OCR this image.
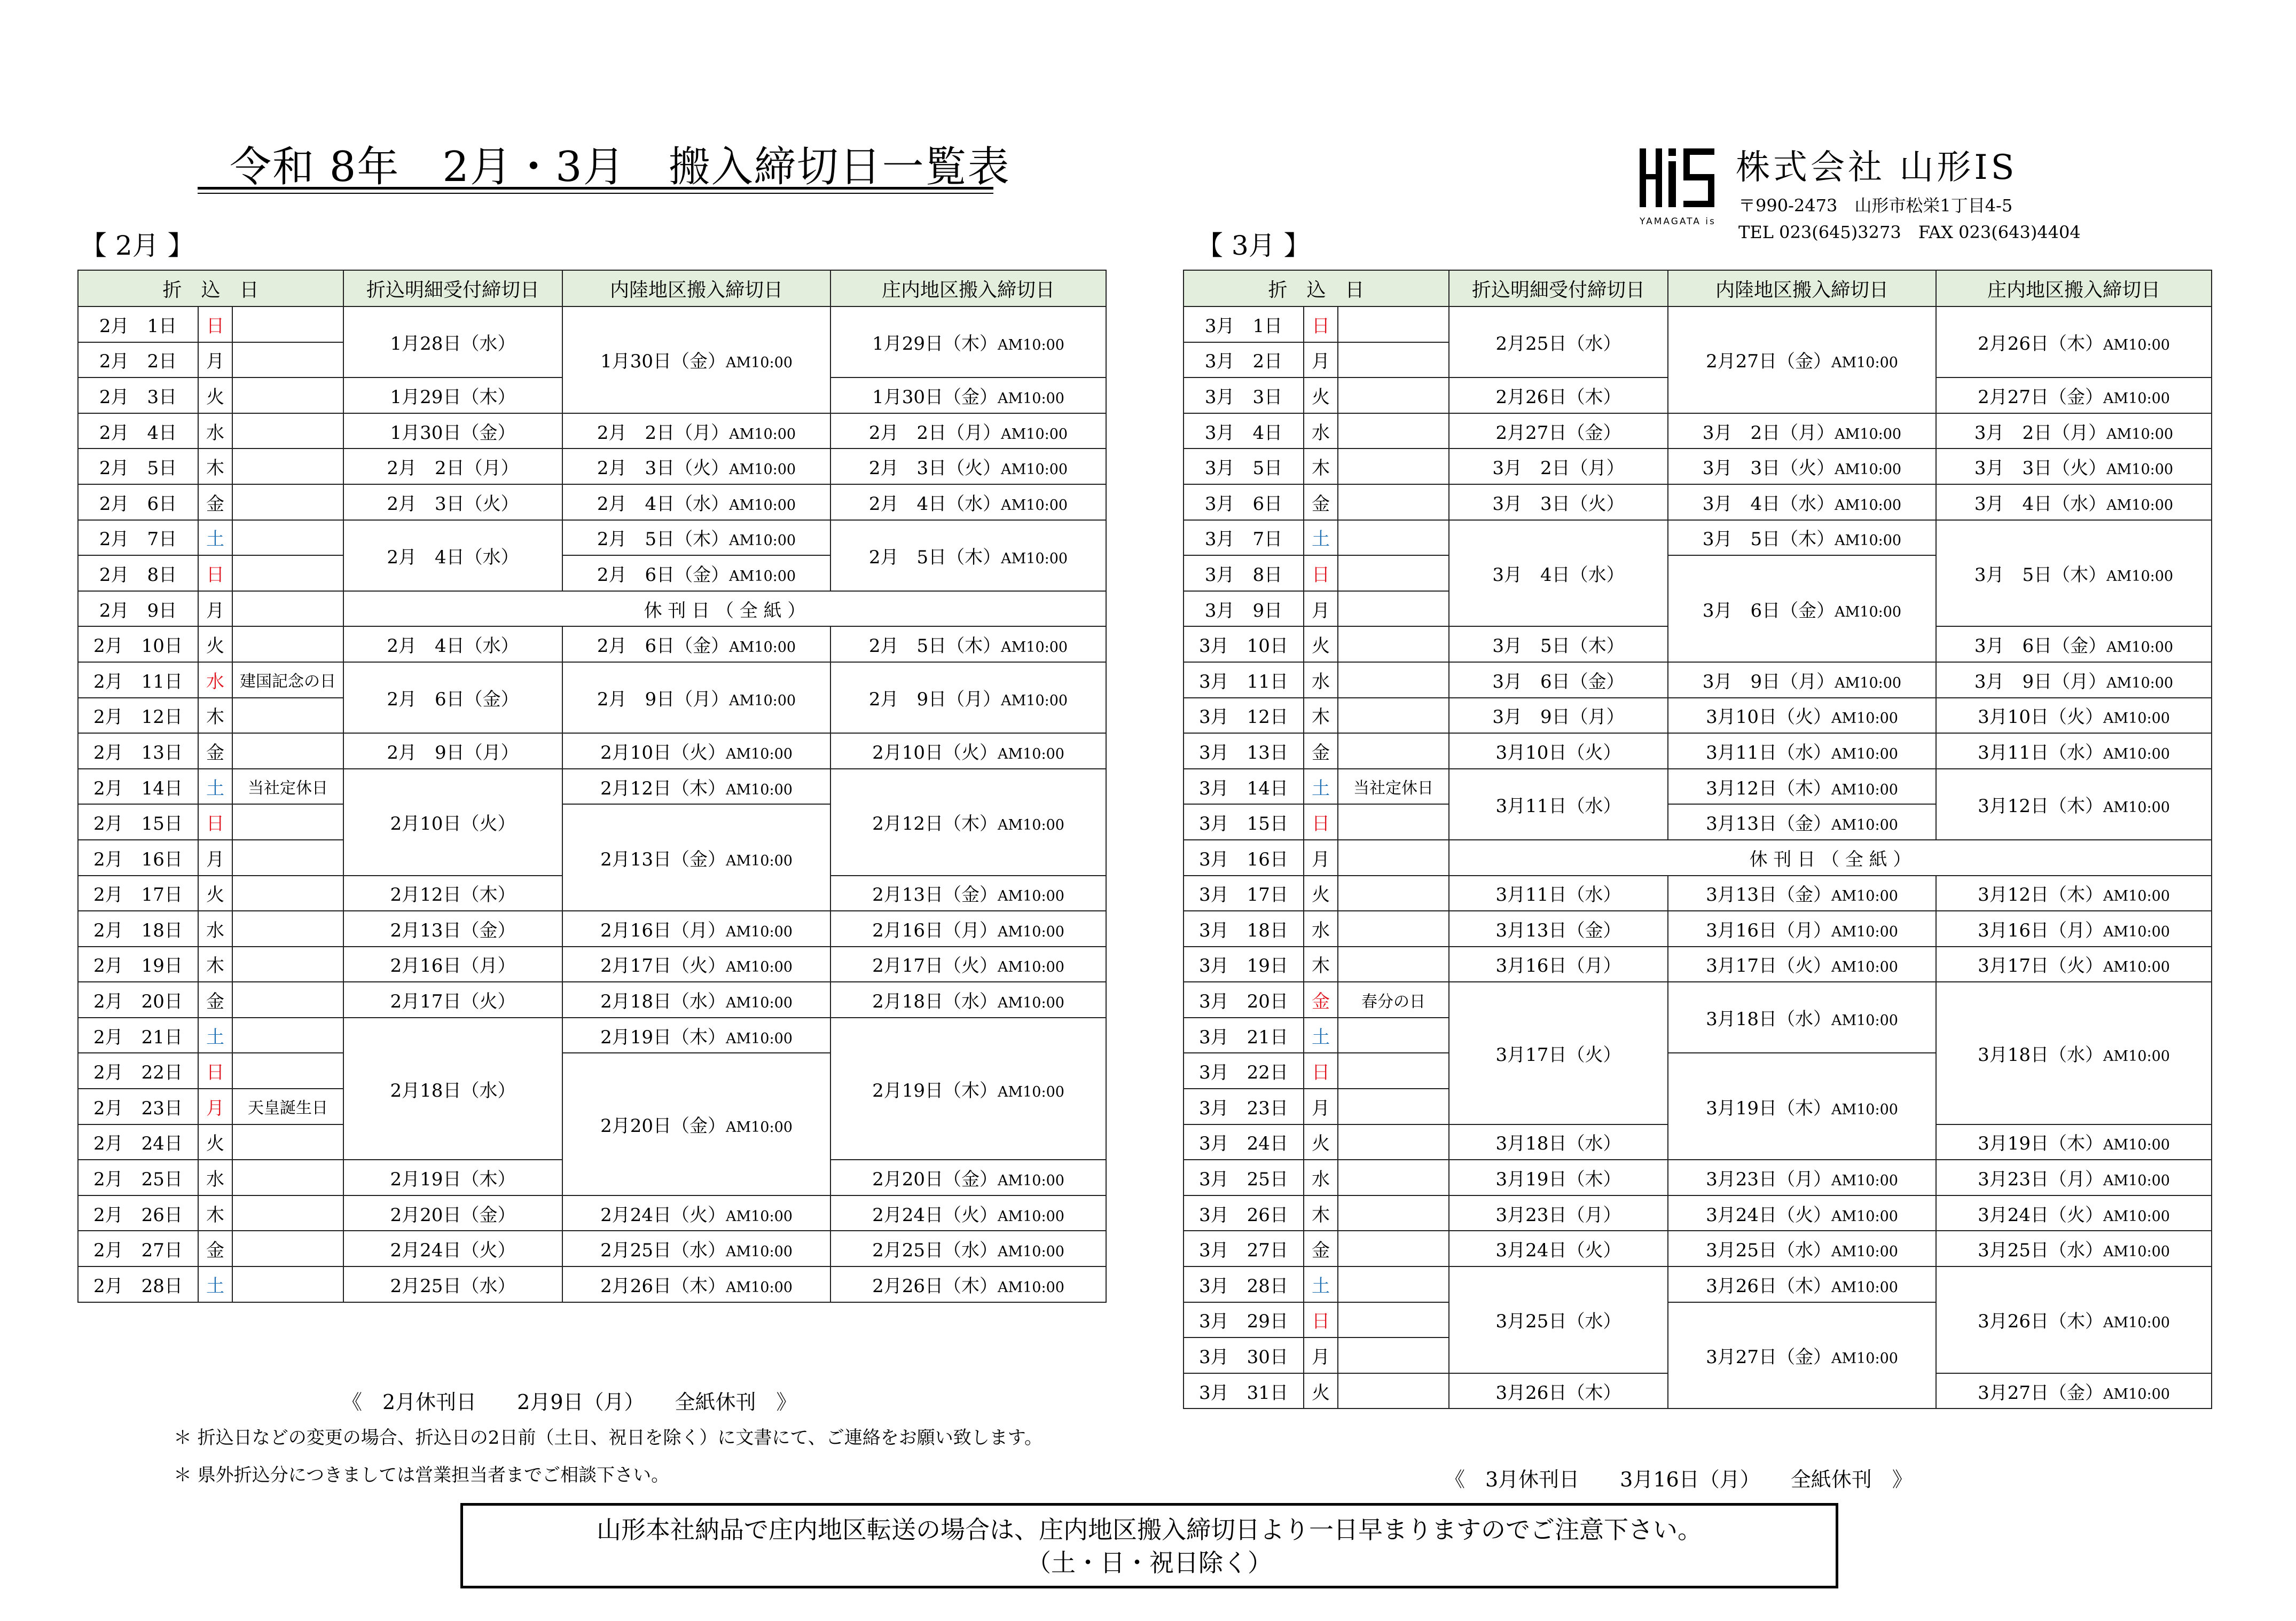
令和 8年　2月・3月　搬入締切日一覧表
YAMAGATA is
株式会社 山形IS
〒990-2473　山形市松栄1丁目4-5
TEL 023(645)3273　FAX 023(643)4404
【 2月 】	【 3月 】
折　込　日			折込明細受付締切日	内陸地区搬入締切日	庄内地区搬入締切日
2月　1日	日		1月28日（水）	1月30日（金）AM10:00	1月29日（木）AM10:00
2月　2日	月				
2月　3日	火		1月29日（木）		1月30日（金）AM10:00
2月　4日	水		1月30日（金）	2月　2日（月）AM10:00	2月　2日（月）AM10:00
2月　5日	木		2月　2日（月）	2月　3日（火）AM10:00	2月　3日（火）AM10:00
2月　6日	金		2月　3日（火）	2月　4日（水）AM10:00	2月　4日（水）AM10:00
2月　7日	土		2月　4日（水）	2月　5日（木）AM10:00	2月　5日（木）AM10:00
2月　8日	日			2月　6日（金）AM10:00	
2月　9日	月		休 刊 日 （ 全 紙 ）		
2月　10日	火		2月　4日（水）	2月　6日（金）AM10:00	2月　5日（木）AM10:00
2月　11日	水	建国記念の日	2月　6日（金）	2月　9日（月）AM10:00	2月　9日（月）AM10:00
2月　12日	木				
2月　13日	金		2月　9日（月）	2月10日（火）AM10:00	2月10日（火）AM10:00
2月　14日	土	当社定休日	2月10日（火）	2月12日（木）AM10:00	2月12日（木）AM10:00
2月　15日	日			2月13日（金）AM10:00	
2月　16日	月				
2月　17日	火		2月12日（木）		2月13日（金）AM10:00
2月　18日	水		2月13日（金）	2月16日（月）AM10:00	2月16日（月）AM10:00
2月　19日	木		2月16日（月）	2月17日（火）AM10:00	2月17日（火）AM10:00
2月　20日	金		2月17日（火）	2月18日（水）AM10:00	2月18日（水）AM10:00
2月　21日	土		2月18日（水）	2月19日（木）AM10:00	2月19日（木）AM10:00
2月　22日	日			2月20日（金）AM10:00	
2月　23日	月	天皇誕生日			
2月　24日	火				
2月　25日	水		2月19日（木）		2月20日（金）AM10:00
2月　26日	木		2月20日（金）	2月24日（火）AM10:00	2月24日（火）AM10:00
2月　27日	金		2月24日（火）	2月25日（水）AM10:00	2月25日（水）AM10:00
2月　28日	土		2月25日（水）	2月26日（木）AM10:00	2月26日（木）AM10:00
折　込　日			折込明細受付締切日	内陸地区搬入締切日	庄内地区搬入締切日
3月　1日	日		2月25日（水）	2月27日（金）AM10:00	2月26日（木）AM10:00
3月　2日	月				
3月　3日	火		2月26日（木）		2月27日（金）AM10:00
3月　4日	水		2月27日（金）	3月　2日（月）AM10:00	3月　2日（月）AM10:00
3月　5日	木		3月　2日（月）	3月　3日（火）AM10:00	3月　3日（火）AM10:00
3月　6日	金		3月　3日（火）	3月　4日（水）AM10:00	3月　4日（水）AM10:00
3月　7日	土		3月　4日（水）	3月　5日（木）AM10:00	3月　5日（木）AM10:00
3月　8日	日			3月　6日（金）AM10:00	
3月　9日	月				
3月　10日	火		3月　5日（木）		3月　6日（金）AM10:00
3月　11日	水		3月　6日（金）	3月　9日（月）AM10:00	3月　9日（月）AM10:00
3月　12日	木		3月　9日（月）	3月10日（火）AM10:00	3月10日（火）AM10:00
3月　13日	金		3月10日（火）	3月11日（水）AM10:00	3月11日（水）AM10:00
3月　14日	土	当社定休日	3月11日（水）	3月12日（木）AM10:00	3月12日（木）AM10:00
3月　15日	日			3月13日（金）AM10:00	
3月　16日	月		休 刊 日 （ 全 紙 ）		
3月　17日	火		3月11日（水）	3月13日（金）AM10:00	3月12日（木）AM10:00
3月　18日	水		3月13日（金）	3月16日（月）AM10:00	3月16日（月）AM10:00
3月　19日	木		3月16日（月）	3月17日（火）AM10:00	3月17日（火）AM10:00
3月　20日	金	春分の日	3月17日（火）	3月18日（水）AM10:00	3月18日（水）AM10:00
3月　21日	土				
3月　22日	日			3月19日（木）AM10:00	
3月　23日	月				
3月　24日	火		3月18日（水）		3月19日（木）AM10:00
3月　25日	水		3月19日（木）	3月23日（月）AM10:00	3月23日（月）AM10:00
3月　26日	木		3月23日（月）	3月24日（火）AM10:00	3月24日（火）AM10:00
3月　27日	金		3月24日（火）	3月25日（水）AM10:00	3月25日（水）AM10:00
3月　28日	土		3月25日（水）	3月26日（木）AM10:00	3月26日（木）AM10:00
3月　29日	日			3月27日（金）AM10:00	
3月　30日	月				
3月　31日	火		3月26日（木）		3月27日（金）AM10:00
《　2月休刊日　　2月9日（月）　　全紙休刊　》
＊ 折込日などの変更の場合、折込日の2日前（土日、祝日を除く）に文書にて、ご連絡をお願い致します。
＊ 県外折込分につきましては営業担当者までご相談下さい。	《　3月休刊日　　3月16日（月）　　全紙休刊　》
山形本社納品で庄内地区転送の場合は、庄内地区搬入締切日より一日早まりますのでご注意下さい。
（土・日・祝日除く）
